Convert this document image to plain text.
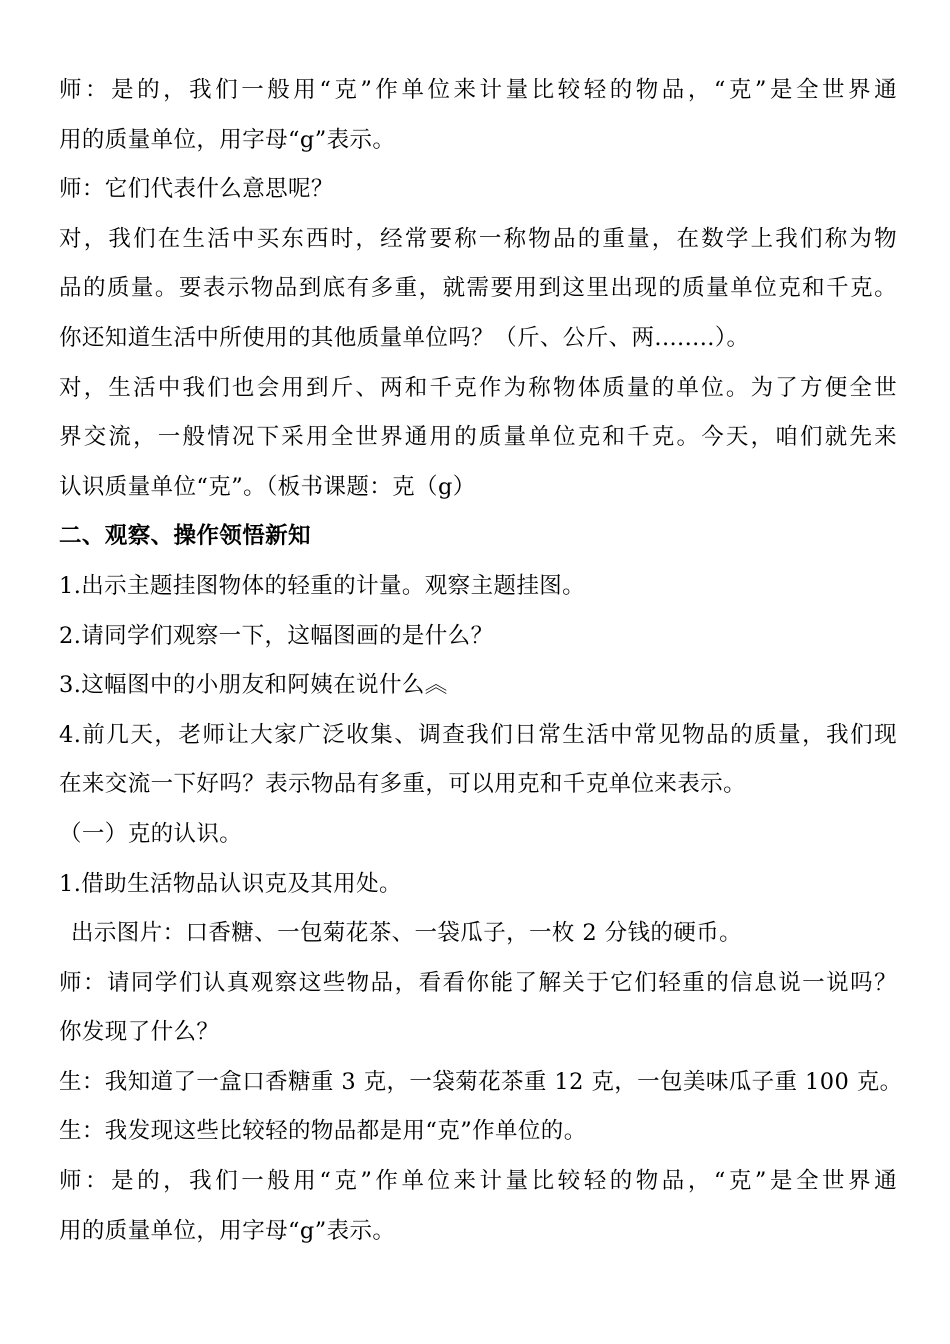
师：是的，我们一般用“克”作单位来计量比较轻的物品，“克”是全世界通
用的质量单位，用字母“g”表示。
师：它们代表什么意思呢？
对，我们在生活中买东西时，经常要称一称物品的重量，在数学上我们称为物
品的质量。要表示物品到底有多重，就需要用到这里出现的质量单位克和千克。
你还知道生活中所使用的其他质量单位吗？（斤、公斤、两........）。
对，生活中我们也会用到斤、两和千克作为称物体质量的单位。为了方便全世
界交流，一般情况下采用全世界通用的质量单位克和千克。今天，咱们就先来
认识质量单位“克”。（板书课题：克（g）
二、观察、操作领悟新知
1.出示主题挂图物体的轻重的计量。观察主题挂图。
2.请同学们观察一下，这幅图画的是什么？
3.这幅图中的小朋友和阿姨在说什么︽
4.前几天，老师让大家广泛收集、调查我们日常生活中常见物品的质量，我们现
在来交流一下好吗？表示物品有多重，可以用克和千克单位来表示。
（一）克的认识。
1.借助生活物品认识克及其用处。
出示图片：口香糖、一包菊花茶、一袋瓜子，一枚 2 分钱的硬币。
师：请同学们认真观察这些物品，看看你能了解关于它们轻重的信息说一说吗？
你发现了什么？
生：我知道了一盒口香糖重 3 克，一袋菊花茶重 12 克，一包美味瓜子重 100 克。
生：我发现这些比较轻的物品都是用“克”作单位的。
师：是的，我们一般用“克”作单位来计量比较轻的物品，“克”是全世界通
用的质量单位，用字母“g”表示。
